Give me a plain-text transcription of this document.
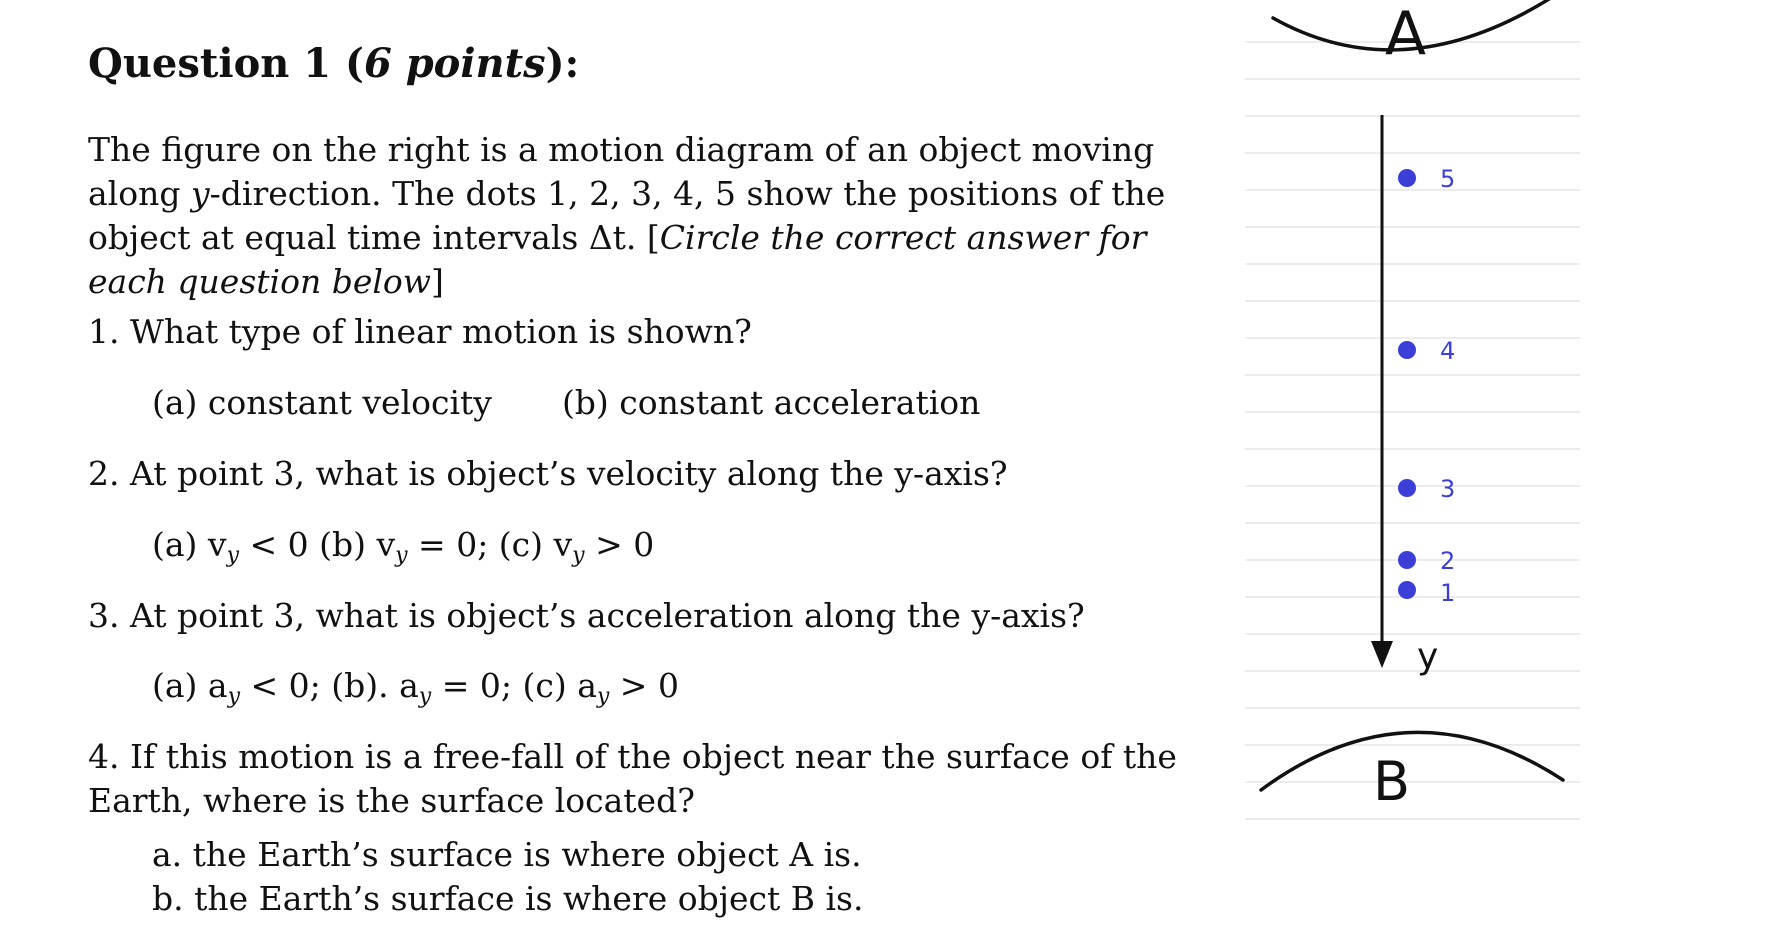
Question 1 (6 points):
The figure on the right is a motion diagram of an object moving along y-direction. The dots 1, 2, 3, 4, 5 show the positions of the object at equal time intervals Δt. [Circle the correct answer for each question below]
1. What type of linear motion is shown?
(a) constant velocity (b) constant acceleration
2. At point 3, what is object’s velocity along the y-axis?
(a) $v_y < 0$ (b) $v_y = 0$; (c) $v_y > 0$
3. At point 3, what is object’s acceleration along the y-axis?
(a) $a_y < 0$; (b). $a_y = 0$; (c) $a_y > 0$
4. If this motion is a free-fall of the object near the surface of the Earth, where is the surface located?
a. the Earth’s surface is where object A is.
b. the Earth’s surface is where object B is.
A
y
5
4
3
2
1
B
